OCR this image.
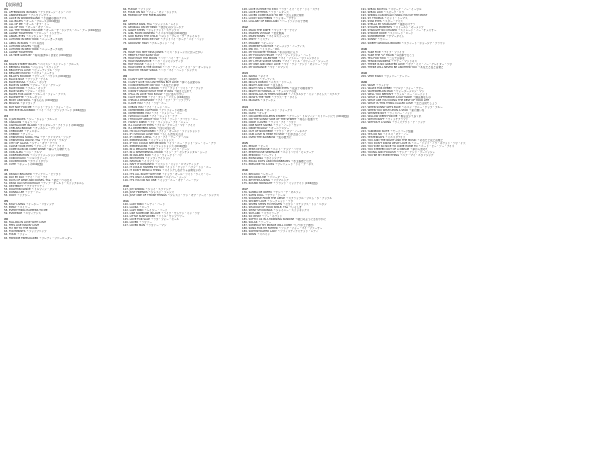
【収録曲】
#1
01. AFTERNOON IN PARIS ～アフタヌーン・イン・パリ
02. ANNIVERSARY ～アニヴァーサリー
03. ALICE IN WONDERLAND ～不思議の国のアリス
04. ALL BLUES ～オール・ブルース (CD4枚組)
05. ALL OF ME ～オール・オブ・ミー
06. ALL OF YOU ～オール・オブ・ユー
07. ALL THE THINGS YOU ARE ～オール・ザ・シングス・ユー・アー (CD4枚組)
08. ALONE TOGETHER ～アローン・トゥゲザー
09. ANGEL EYES ～エンジェル・アイズ
10. AUTUMN IN NEW YORK ～ニューヨークの秋
11. APRIL IN PARIS ～パリの四月
12. AUTUMN LEAVES ～枯葉
13. AUTUMN IN NEW YORK ～ニューヨークの秋
14. ALONE TOGETHER
15. AS TIME GOES BY ～時の過ぎゆくままに (CD4枚組)
#2
16. BASIN STREET BLUES ～ベイスン・ストリート・ブルース
17. BEMSHA SWING ～ベムシャ・スウィング
18. BEAUTIFUL LOVE ～ビューティフル・ラヴ
19. BESAME MUCHO ～ベサメ・ムーチョ
20. BILLIE'S BOUNCE ～ビリーズ・バウンス (CD4枚組)
21. BLACK NILE ～ブラック・ナイル
22. BLUE BOSSA ～ブルー・ボッサ
23. BLUE IN GREEN ～ブルー・イン・グリーン
24. BLUE MONK ～ブルー・モンク
25. BLUE SKIES ～ブルー・スカイ
26. BLUES FOR ALICE ～ブルース・フォー・アリス
27. BLUESETTE ～ブルーゼット
28. BODY AND SOUL ～身も心も (CD4枚組)
29. BOLIVIA ～ボリヴィア
30. BUT NOT FOR ME ～バット・ナット・フォー・ミー
31. BYE BYE BLACKBIRD ～バイ・バイ・ブラックバード (CD4枚組)
#3
32. C JAM BLUES ～シー・ジャム・ブルース
33. CARAVAN ～キャラバン
34. CANTALOUPE ISLAND ～カンタループ・アイランド (CD4枚組)
35. CHELSEA BRIDGE ～チェルシー・ブリッジ
36. CHEROKEE ～チェロキー
37. CHERRY ～チェリー
38. CHRISTMAS SONG, The ～ザ・クリスマス・ソング
39. CHRISTMAS WALTZ, The ～クリスマス・ワルツ
40. CITY OF GLASS ～シティ・オブ・グラス
41. CLOSE YOUR EYES ～クローズ・ユア・アイズ
42. COME RAIN OR COME SHINE ～降っても晴れても
43. CON ALMA ～コン・アルマ
44. CONFIRMATION ～コンファメーション (CD4枚組)
45. CORCOVADO ～コルコヴァード
46. COUNTDOWN ～カウントダウン
47. CUTE ～キュート (CD4枚組)
#4
48. DEARLY BELOVED ～ディアリー・ビラヴド
49. DAY BY DAY ～デイ・バイ・デイ
50. DAYS OF WINE AND ROSES, The ～酒とバラの日々
51. DEAR OLD STOCKHOLM ～ディア・オールド・ストックホルム
52. DEXTERITY ～デクステリティ
53. DOLPHIN DANCE ～ドルフィン・ダンス
54. DONNA LEE ～ドナ・リー
55. DOXY ～ドクシー
#5
56. EASY LIVING ～イージー・リヴィング
57. EMILY ～エミリー
58. EVERYTHING HAPPENS TO ME
59. EVIDENCE ～エヴィデンス
#6
60. FALLING IN LOVE WITH LOVE
61. FEEL LIKE MAKIN' LOVE
62. FLY ME TO THE MOON
63. FOOTPRINTS ～フットプリンツ
64. FOUR ～フォー
65. FREDDIE FREELOADER ～フレディ・フリーローダー
66. FUDGE ～ファッジ
67. FOUR ON SIX ～フォー・オン・シックス
68. FRIEND OF THE FREELOADER
#7
69. GENTLE RAIN, The ～ジェントル・レイン
70. GEORGIA ON MY MIND ～我が心のジョージア
71. GIANT STEPS ～ジャイアント・ステップス
72. GIRL FROM IPANEMA ～イパネマの娘 (CD4枚組)
73. GOD BLESS THE CHILD ～ゴッド・ブレス・ザ・チャイルド
74. GOODBYE PORK PIE HAT ～グッドバイ・ポーク・パイ・ハット
75. GROOVIN' HIGH ～グルーヴィン・ハイ
#8
76. HAVE YOU MET MISS JONES ～ミス・ジョーンズに会ったかい
77. HERE'S THAT RAINY DAY
78. HOW HIGH THE MOON ～ハウ・ハイ・ザ・ムーン
79. HOW INSENSITIVE ～ハウ・インセンシティヴ
80. HOT HOUSE ～ホット・ハウス
81. HOW DEEP IS THE OCEAN ～ハウ・ディープ・イズ・ジ・オーシャン
82. HOW MY HEART SINGS ～ハウ・マイ・ハート・シングス
#9
83. I CAN'T GET STARTED ～言い出しかねて
84. I CAN'T GIVE YOU ANYTHING BUT LOVE ～捧ぐるは愛のみ
85. I CONCENTRATE ON YOU ～あなたに夢中
86. I COULD WRITE A BOOK ～アイ・クッド・ライト・ア・ブック
87. I DIDN'T KNOW WHAT TIME IT WAS ～時さえ忘れて
88. I FALL IN LOVE TOO EASILY ～恋に落ちやすい
89. I GOT RHYTHM ～アイ・ガット・リズム (CD4枚組)
90. I HEAR A RHAPSODY ～アイ・ヒア・ア・ラプソディ
91. I LOVE YOU ～アイ・ラヴ・ユー
92. I MEAN YOU ～アイ・ミーン・ユー
93. I REMEMBER CLIFFORD ～クリフォードの想い出
94. I REMEMBER YOU ～アイ・リメンバー・ユー
95. I SHOULD CARE ～アイ・シュッド・ケア
96. I THOUGHT ABOUT YOU ～アイ・ソート・アバウト・ユー
97. I WISH I KNEW ～アイ・ウィッシュ・アイ・ニュー
98. I'LL CLOSE MY EYES ～アイル・クローズ・マイ・アイズ
99. I'LL REMEMBER APRIL ～四月の思い出
100. I'M OLD FASHIONED ～アイム・オールド・ファッションド
101. IF I SHOULD LOSE YOU ～もしも君を失えば
102. IF I WERE A BELL ～イフ・アイ・ワー・ア・ベル
103. IMPRESSIONS ～インプレッションズ
104. IF YOU COULD SEE ME NOW ～イフ・ユー・クッド・シー・ミー・ナウ
105. IMPRESSIONS ～インプレッションズ (CD4枚組)
106. IN A MELLOW TONE ～イン・ア・メロウ・トーン
107. IN A SENTIMENTAL MOOD ～イン・ア・センチメンタル・ムード
108. IN WALKED BUD ～イン・ウォークト・バド
109. INVITATION ～インヴィテイション
110. ISFAHAN ～イスファハン
111. ISN'T IT ROMANTIC ～イズント・イット・ロマンティック
112. IT COULD HAPPEN TO YOU ～イット・クッド・ハプン・トゥ・ユー
113. IT DON'T MEAN A THING ～スイングしなけりゃ意味ないね
114. IT'S ALL RIGHT WITH ME ～イッツ・オール・ライト・ウィズ・ミー
115. IT'S ONLY A PAPER MOON ～ペイパー・ムーン
116. IT'S YOU OR NO ONE ～イッツ・ユー・オア・ノー・ワン
#10
117. JOY SPRING ～ジョイ・スプリング
118. JUST FRIENDS ～ジャスト・フレンズ
119. JUST ONE OF THOSE THINGS ～ジャスト・ワン・オブ・ゾーズ・シングス
#11
120. LADY BIRD ～レディ・バード
121. LAURA ～ローラ
122. LAZY BIRD ～レイジー・バード
123. LIKE SOMEONE IN LOVE ～ライク・サムワン・イン・ラヴ
124. LITTLE SUNFLOWER ～リトル・サンフラワー
125. LOVE FOR SALE ～ラヴ・フォー・セール
126. LOVER ～ラヴァー
127. LOVER MAN ～ラヴァー・マン
128. LOVE IS HERE TO STAY ～ラヴ・イズ・ヒア・トゥ・ステイ
129. LOVE LETTERS ～ラヴ・レターズ
130. LOVER COME BACK TO ME ～恋人よ我に帰れ
131. LUCKY SOUTHERN ～ラッキー・サザン
132. LULLABY OF BIRDLAND ～バードランドの子守唄
#12
133. MACK THE KNIFE ～マック・ザ・ナイフ
134. MAIDEN VOYAGE ～処女航海
135. MILESTONES ～マイルストーンズ
136. MISTY ～ミスティ
137. MOANIN' ～モーニン
138. MOMENT'S NOTICE ～モーメンツ・ノーティス
139. MR. P.C. ～ミスター・P.C.
140. MY FAVORITE THINGS ～私のお気に入り
141. MY FOOLISH HEART ～マイ・フーリッシュ・ハート
142. MY FUNNY VALENTINE ～マイ・ファニー・ヴァレンタイン
143. MY LITTLE SUEDE SHOES ～マイ・リトル・スウェード・シューズ
144. MY ONE AND ONLY LOVE ～マイ・ワン・アンド・オンリー・ラヴ
145. MY ROMANCE ～マイ・ロマンス
#13
146. NAIMA ～ネイマ
147. NARDIS ～ナーディス
148. NICA'S DREAM ～ニカズ・ドリーム
149. NIGHT AND DAY ～夜も昼も
150. NIGHT HAS A THOUSAND EYES ～夜は千の眼を持つ
151. NIGHT IN TUNISIA, A ～チュニジアの夜
152. NOSTALGIA IN TIMES SQUARE ～ノスタルジア・イン・タイムズ・スクエア
153. NOW'S THE TIME ～ナウズ・ザ・タイム
154. NUAGES ～ヌアージュ
#14
155. OLD FOLKS ～オールド・フォークス
156. OLEO ～オレオ
157. ON GREEN DOLPHIN STREET ～グリーン・ドルフィン・ストリートにて (CD4枚組)
158. ON THE SUNNY SIDE OF THE STREET ～明るい表通りで
159. ONCE I LOVED ～ワンス・アイ・ラヴド
160. ONE NOTE SAMBA ～ワン・ノート・サンバ
161. ORNITHOLOGY ～オーニソロジー
162. OUT OF NOWHERE ～アウト・オブ・ノーホエア
163. OUR LOVE IS HERE TO STAY ～わが恋はここに
164. OVER THE RAINBOW ～虹の彼方に
#15
165. PEACE ～ピース
166. PENT-UP HOUSE ～ペント・アップ・ハウス
167. PENTHOUSE SERENADE ～ペントハウス・セレナーデ
168. PERDIDO ～パーディド
169. POINCIANA ～ポインシアナ
170. POLKA DOTS AND MOONBEAMS ～水玉模様と月光
171. PRELUDE TO A KISS ～プレリュード・トゥ・ア・キス
#16
172. RECADO ～レカード
173. RECORDA ME ～リコーダ・ミー
174. RHYTHM-A-NING ～リズマニング
175. ROUND MIDNIGHT ～ラウンド・ミッドナイト (CD4枚組)
#17
176. SAMBA DE ORFEU ～サンバ・デ・オルフェ
177. SATIN DOLL ～サテン・ドール
178. SCRAPPLE FROM THE APPLE ～スクラップル・フロム・ジ・アップル
179. SECRET LOVE ～シークレット・ラヴ
180. SEVEN STEPS TO HEAVEN ～セヴン・ステップス・トゥ・ヘヴン
181. SHADOW OF YOUR SMILE, The ～いそしぎ
182. SHINY STOCKINGS ～シャイニー・ストッキングス
183. SKYLARK ～スカイラーク
184. SO WHAT ～ソー・ホワット
185. SOFTLY AS IN A MORNING SUNRISE ～朝日のようにさわやかに
186. SOLAR ～ソーラー
187. SOMEDAY MY PRINCE WILL COME ～いつか王子様が
188. SONG FOR MY FATHER ～ソング・フォー・マイ・ファーザー
189. SOPHISTICATED LADY ～ソフィスティケイテッド・レディ
190. SPAIN ～スペイン
191. SPEAK NO EVIL ～スピーク・ノー・イーヴル
192. SPEAK LOW ～スピーク・ロウ
193. SPRING CAN REALLY HANG YOU UP THE MOST
194. ST. THOMAS ～セント・トーマス
195. STAR EYES ～スター・アイズ
196. STELLA BY STARLIGHT ～星影のステラ
197. STOLEN MOMENTS ～ストールン・モーメンツ
198. STRAIGHT NO CHASER ～ストレート・ノー・チェイサー
199. STRODE RODE ～ストロード・ロード
200. SUMMERTIME ～サマータイム
201. SUNNY ～サニー
202. SWEET GEORGIA BROWN ～スウィート・ジョージア・ブラウン
#18
203. TAKE FIVE ～テイク・ファイヴ
204. TAKE THE "A" TRAIN ～A列車で行こう
205. TEA FOR TWO ～二人でお茶を
206. TENOR MADNESS ～テナー・マッドネス
207. THERE IS NO GREATER LOVE ～ゼア・イズ・ノー・グレイター・ラヴ
208. THERE WILL NEVER BE ANOTHER YOU ～あなたと夜と音楽と
#19
209. VERY EARLY ～ヴェリー・アーリー
#20
210. WAVE ～ウェイヴ
211. WALTZ FOR DEBBY ～ワルツ・フォー・デビー
212. WATERMELON MAN ～ウォーターメロン・マン
213. WELL YOU NEEDN'T ～ウェル・ユー・ニードント
214. WHAT A DIFFERENCE A DAY MADE ～縁は異なもの
215. WHAT ARE YOU DOING THE REST OF YOUR LIFE
216. WHAT IS THIS THING CALLED LOVE ～恋とは何でしょう
217. WHEN SUNNY GETS BLUE ～ホエン・サニー・ゲッツ・ブルー
218. WHEN YOU WISH UPON A STAR ～星に願いを
219. WHISPER NOT ～ウィスパー・ノット
220. WILLOW WEEP FOR ME ～柳よ泣いておくれ
221. WITCHCRAFT ～ウィッチクラフト
222. WITHOUT A SONG ～ウィズアウト・ア・ソング
#21
223. YARDBIRD SUITE ～ヤードバード組曲
224. YES OR NO ～イエス・オア・ノー
225. YESTERDAYS ～イエスタデイズ
226. YOU AND THE NIGHT AND THE MUSIC ～あなたと夜と音楽と
227. YOU DON'T KNOW WHAT LOVE IS ～ユー・ドント・ノウ・ホワット・ラヴ・イズ
228. YOU'D BE SO NICE TO COME HOME TO ～ユード・ビー・ソー・ナイス
229. YOU STEPPED OUT OF A DREAM ～夢から覚めて
230. YOUNG AND FOOLISH ～ヤング・アンド・フーリッシュ
231. YOU'RE MY EVERYTHING ～ユア・マイ・エヴリシング
